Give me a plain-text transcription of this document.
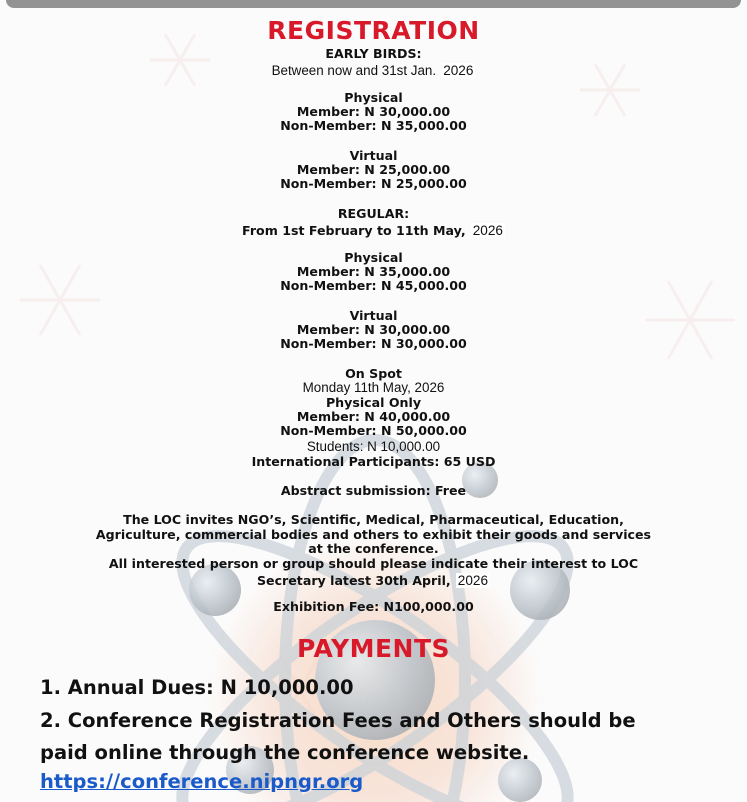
REGISTRATION
EARLY BIRDS:
Between now and 31st Jan. 2026
Physical
Member: N 30,000.00
Non-Member: N 35,000.00
Virtual
Member: N 25,000.00
Non-Member: N 25,000.00
REGULAR:
From 1st February to 11th May, 2026
Physical
Member: N 35,000.00
Non-Member: N 45,000.00
Virtual
Member: N 30,000.00
Non-Member: N 30,000.00
On Spot
Monday 11th May, 2026
Physical Only
Member: N 40,000.00
Non-Member: N 50,000.00
Students: N 10,000.00
International Participants: 65 USD
Abstract submission: Free
The LOC invites NGO’s, Scientific, Medical, Pharmaceutical, Education,
Agriculture, commercial bodies and others to exhibit their goods and services
at the conference.
All interested person or group should please indicate their interest to LOC
Secretary latest 30th April, 2026
Exhibition Fee: N100,000.00
PAYMENTS
1. Annual Dues: N 10,000.00
2. Conference Registration Fees and Others should be
paid online through the conference website.
https://conference.nipngr.org
